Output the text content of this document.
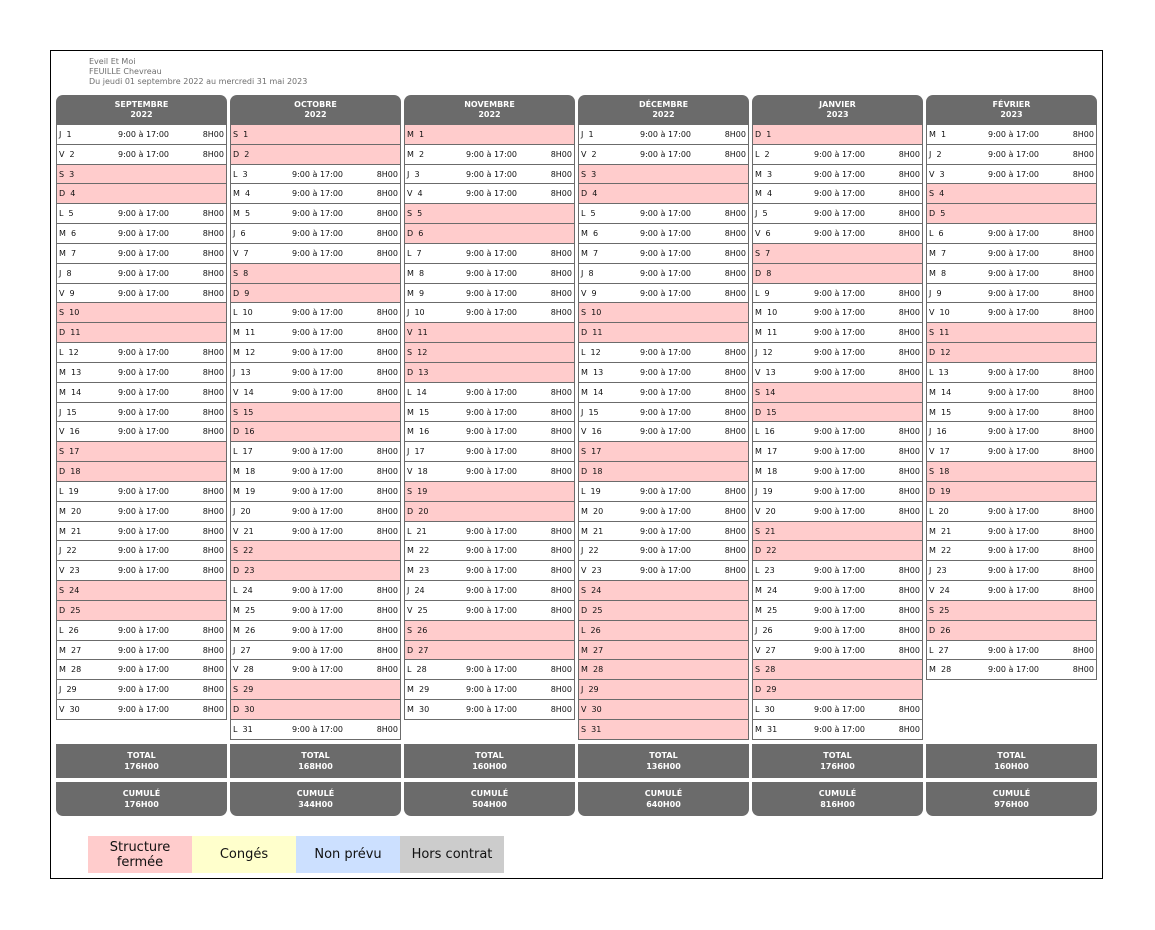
Eveil Et Moi
FEUILLE Chevreau
Du jeudi 01 septembre 2022 au mercredi 31 mai 2023
SEPTEMBRE
2022
J  1	9:00 à 17:00	8H00
V  2	9:00 à 17:00	8H00
S  3
D  4
L  5	9:00 à 17:00	8H00
M  6	9:00 à 17:00	8H00
M  7	9:00 à 17:00	8H00
J  8	9:00 à 17:00	8H00
V  9	9:00 à 17:00	8H00
S  10
D  11
L  12	9:00 à 17:00	8H00
M  13	9:00 à 17:00	8H00
M  14	9:00 à 17:00	8H00
J  15	9:00 à 17:00	8H00
V  16	9:00 à 17:00	8H00
S  17
D  18
L  19	9:00 à 17:00	8H00
M  20	9:00 à 17:00	8H00
M  21	9:00 à 17:00	8H00
J  22	9:00 à 17:00	8H00
V  23	9:00 à 17:00	8H00
S  24
D  25
L  26	9:00 à 17:00	8H00
M  27	9:00 à 17:00	8H00
M  28	9:00 à 17:00	8H00
J  29	9:00 à 17:00	8H00
V  30	9:00 à 17:00	8H00
TOTAL
176H00
CUMULÉ
176H00
OCTOBRE
2022
S  1
D  2
L  3	9:00 à 17:00	8H00
M  4	9:00 à 17:00	8H00
M  5	9:00 à 17:00	8H00
J  6	9:00 à 17:00	8H00
V  7	9:00 à 17:00	8H00
S  8
D  9
L  10	9:00 à 17:00	8H00
M  11	9:00 à 17:00	8H00
M  12	9:00 à 17:00	8H00
J  13	9:00 à 17:00	8H00
V  14	9:00 à 17:00	8H00
S  15
D  16
L  17	9:00 à 17:00	8H00
M  18	9:00 à 17:00	8H00
M  19	9:00 à 17:00	8H00
J  20	9:00 à 17:00	8H00
V  21	9:00 à 17:00	8H00
S  22
D  23
L  24	9:00 à 17:00	8H00
M  25	9:00 à 17:00	8H00
M  26	9:00 à 17:00	8H00
J  27	9:00 à 17:00	8H00
V  28	9:00 à 17:00	8H00
S  29
D  30
L  31	9:00 à 17:00	8H00
TOTAL
168H00
CUMULÉ
344H00
NOVEMBRE
2022
M  1
M  2	9:00 à 17:00	8H00
J  3	9:00 à 17:00	8H00
V  4	9:00 à 17:00	8H00
S  5
D  6
L  7	9:00 à 17:00	8H00
M  8	9:00 à 17:00	8H00
M  9	9:00 à 17:00	8H00
J  10	9:00 à 17:00	8H00
V  11
S  12
D  13
L  14	9:00 à 17:00	8H00
M  15	9:00 à 17:00	8H00
M  16	9:00 à 17:00	8H00
J  17	9:00 à 17:00	8H00
V  18	9:00 à 17:00	8H00
S  19
D  20
L  21	9:00 à 17:00	8H00
M  22	9:00 à 17:00	8H00
M  23	9:00 à 17:00	8H00
J  24	9:00 à 17:00	8H00
V  25	9:00 à 17:00	8H00
S  26
D  27
L  28	9:00 à 17:00	8H00
M  29	9:00 à 17:00	8H00
M  30	9:00 à 17:00	8H00
TOTAL
160H00
CUMULÉ
504H00
DÉCEMBRE
2022
J  1	9:00 à 17:00	8H00
V  2	9:00 à 17:00	8H00
S  3
D  4
L  5	9:00 à 17:00	8H00
M  6	9:00 à 17:00	8H00
M  7	9:00 à 17:00	8H00
J  8	9:00 à 17:00	8H00
V  9	9:00 à 17:00	8H00
S  10
D  11
L  12	9:00 à 17:00	8H00
M  13	9:00 à 17:00	8H00
M  14	9:00 à 17:00	8H00
J  15	9:00 à 17:00	8H00
V  16	9:00 à 17:00	8H00
S  17
D  18
L  19	9:00 à 17:00	8H00
M  20	9:00 à 17:00	8H00
M  21	9:00 à 17:00	8H00
J  22	9:00 à 17:00	8H00
V  23	9:00 à 17:00	8H00
S  24
D  25
L  26
M  27
M  28
J  29
V  30
S  31
TOTAL
136H00
CUMULÉ
640H00
JANVIER
2023
D  1
L  2	9:00 à 17:00	8H00
M  3	9:00 à 17:00	8H00
M  4	9:00 à 17:00	8H00
J  5	9:00 à 17:00	8H00
V  6	9:00 à 17:00	8H00
S  7
D  8
L  9	9:00 à 17:00	8H00
M  10	9:00 à 17:00	8H00
M  11	9:00 à 17:00	8H00
J  12	9:00 à 17:00	8H00
V  13	9:00 à 17:00	8H00
S  14
D  15
L  16	9:00 à 17:00	8H00
M  17	9:00 à 17:00	8H00
M  18	9:00 à 17:00	8H00
J  19	9:00 à 17:00	8H00
V  20	9:00 à 17:00	8H00
S  21
D  22
L  23	9:00 à 17:00	8H00
M  24	9:00 à 17:00	8H00
M  25	9:00 à 17:00	8H00
J  26	9:00 à 17:00	8H00
V  27	9:00 à 17:00	8H00
S  28
D  29
L  30	9:00 à 17:00	8H00
M  31	9:00 à 17:00	8H00
TOTAL
176H00
CUMULÉ
816H00
FÉVRIER
2023
M  1	9:00 à 17:00	8H00
J  2	9:00 à 17:00	8H00
V  3	9:00 à 17:00	8H00
S  4
D  5
L  6	9:00 à 17:00	8H00
M  7	9:00 à 17:00	8H00
M  8	9:00 à 17:00	8H00
J  9	9:00 à 17:00	8H00
V  10	9:00 à 17:00	8H00
S  11
D  12
L  13	9:00 à 17:00	8H00
M  14	9:00 à 17:00	8H00
M  15	9:00 à 17:00	8H00
J  16	9:00 à 17:00	8H00
V  17	9:00 à 17:00	8H00
S  18
D  19
L  20	9:00 à 17:00	8H00
M  21	9:00 à 17:00	8H00
M  22	9:00 à 17:00	8H00
J  23	9:00 à 17:00	8H00
V  24	9:00 à 17:00	8H00
S  25
D  26
L  27	9:00 à 17:00	8H00
M  28	9:00 à 17:00	8H00
TOTAL
160H00
CUMULÉ
976H00
Structure
fermée	Congés	Non prévu Hors contrat
